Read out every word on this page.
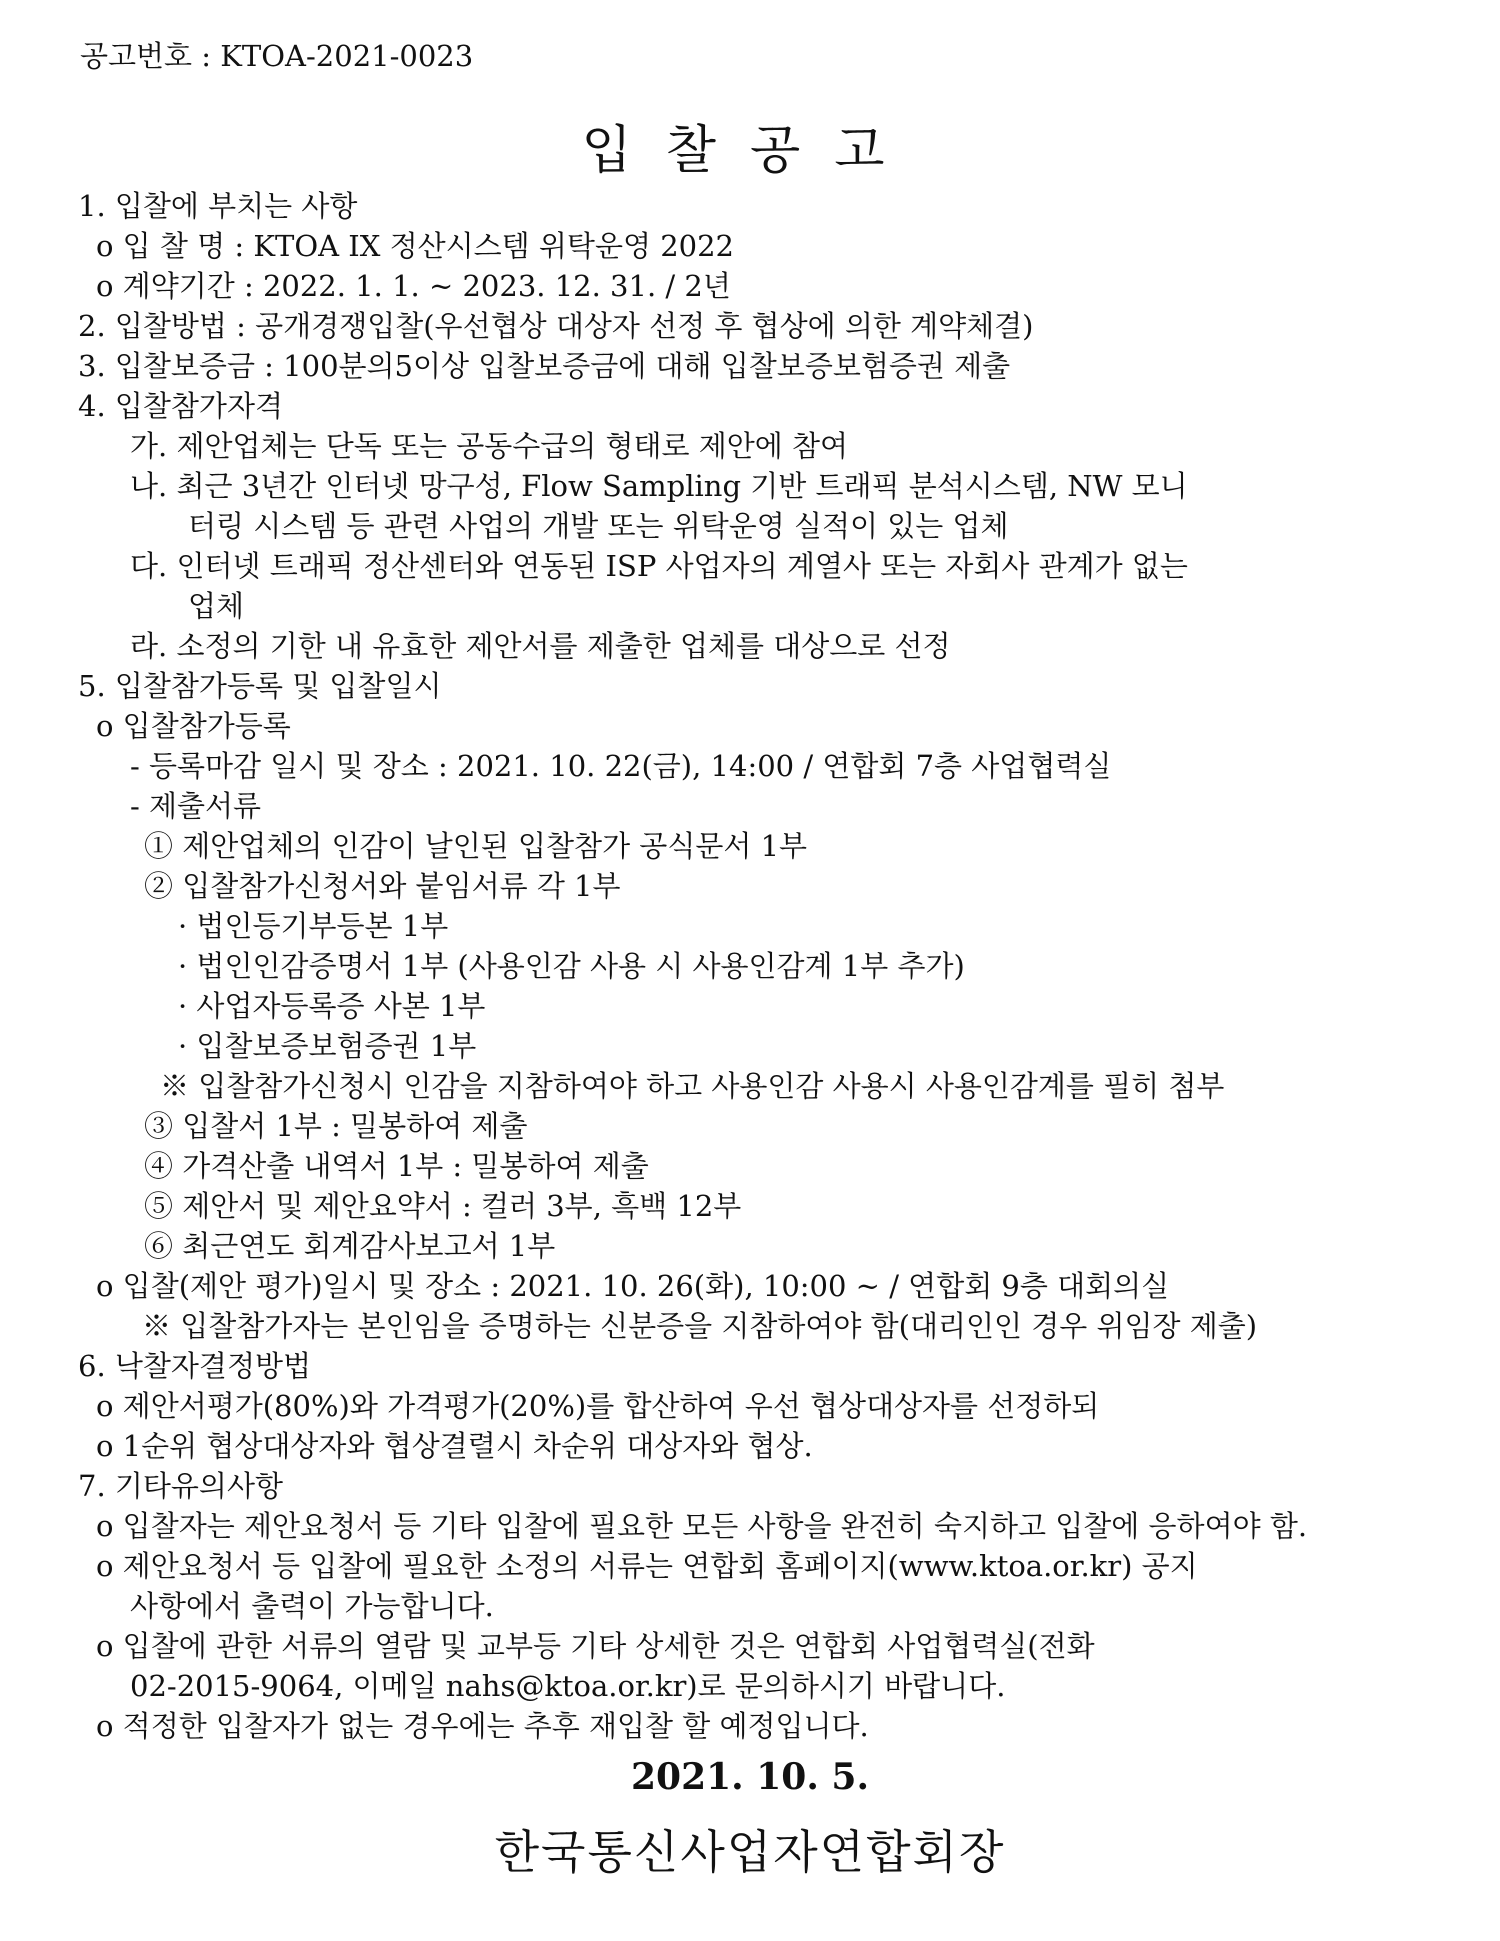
공고번호 : KTOA-2021-0023
입찰공고
1. 입찰에 부치는 사항
o 입 찰 명 : KTOA IX 정산시스템 위탁운영 2022
o 계약기간 : 2022. 1. 1. ~ 2023. 12. 31. / 2년
2. 입찰방법 : 공개경쟁입찰(우선협상 대상자 선정 후 협상에 의한 계약체결)
3. 입찰보증금 : 100분의5이상 입찰보증금에 대해 입찰보증보험증권 제출
4. 입찰참가자격
가. 제안업체는 단독 또는 공동수급의 형태로 제안에 참여
나. 최근 3년간 인터넷 망구성, Flow Sampling 기반 트래픽 분석시스템, NW 모니
터링 시스템 등 관련 사업의 개발 또는 위탁운영 실적이 있는 업체
다. 인터넷 트래픽 정산센터와 연동된 ISP 사업자의 계열사 또는 자회사 관계가 없는
업체
라. 소정의 기한 내 유효한 제안서를 제출한 업체를 대상으로 선정
5. 입찰참가등록 및 입찰일시
o 입찰참가등록
- 등록마감 일시 및 장소 : 2021. 10. 22(금), 14:00 / 연합회 7층 사업협력실
- 제출서류
① 제안업체의 인감이 날인된 입찰참가 공식문서 1부
② 입찰참가신청서와 붙임서류 각 1부
· 법인등기부등본 1부
· 법인인감증명서 1부 (사용인감 사용 시 사용인감계 1부 추가)
· 사업자등록증 사본 1부
· 입찰보증보험증권 1부
※ 입찰참가신청시 인감을 지참하여야 하고 사용인감 사용시 사용인감계를 필히 첨부
③ 입찰서 1부 : 밀봉하여 제출
④ 가격산출 내역서 1부 : 밀봉하여 제출
⑤ 제안서 및 제안요약서 : 컬러 3부, 흑백 12부
⑥ 최근연도 회계감사보고서 1부
o 입찰(제안 평가)일시 및 장소 : 2021. 10. 26(화), 10:00 ~ / 연합회 9층 대회의실
※ 입찰참가자는 본인임을 증명하는 신분증을 지참하여야 함(대리인인 경우 위임장 제출)
6. 낙찰자결정방법
o 제안서평가(80%)와 가격평가(20%)를 합산하여 우선 협상대상자를 선정하되
o 1순위 협상대상자와 협상결렬시 차순위 대상자와 협상.
7. 기타유의사항
o 입찰자는 제안요청서 등 기타 입찰에 필요한 모든 사항을 완전히 숙지하고 입찰에 응하여야 함.
o 제안요청서 등 입찰에 필요한 소정의 서류는 연합회 홈페이지(www.ktoa.or.kr) 공지
사항에서 출력이 가능합니다.
o 입찰에 관한 서류의 열람 및 교부등 기타 상세한 것은 연합회 사업협력실(전화
02-2015-9064, 이메일 nahs@ktoa.or.kr)로 문의하시기 바랍니다.
o 적정한 입찰자가 없는 경우에는 추후 재입찰 할 예정입니다.
2021. 10. 5.
한국통신사업자연합회장
